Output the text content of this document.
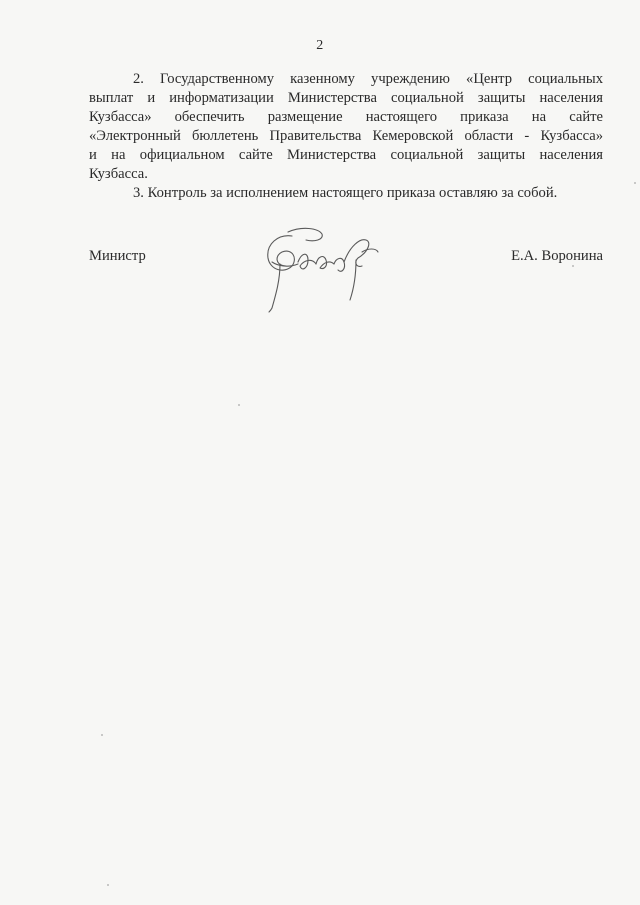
2
2. Государственному казенному учреждению «Центр социальных
выплат и информатизации Министерства социальной защиты населения
Кузбасса» обеспечить размещение настоящего приказа на сайте
«Электронный бюллетень Правительства Кемеровской области - Кузбасса»
и на официальном сайте Министерства социальной защиты населения
Кузбасса.
3. Контроль за исполнением настоящего приказа оставляю за собой.
Министр	Е.А. Воронина
